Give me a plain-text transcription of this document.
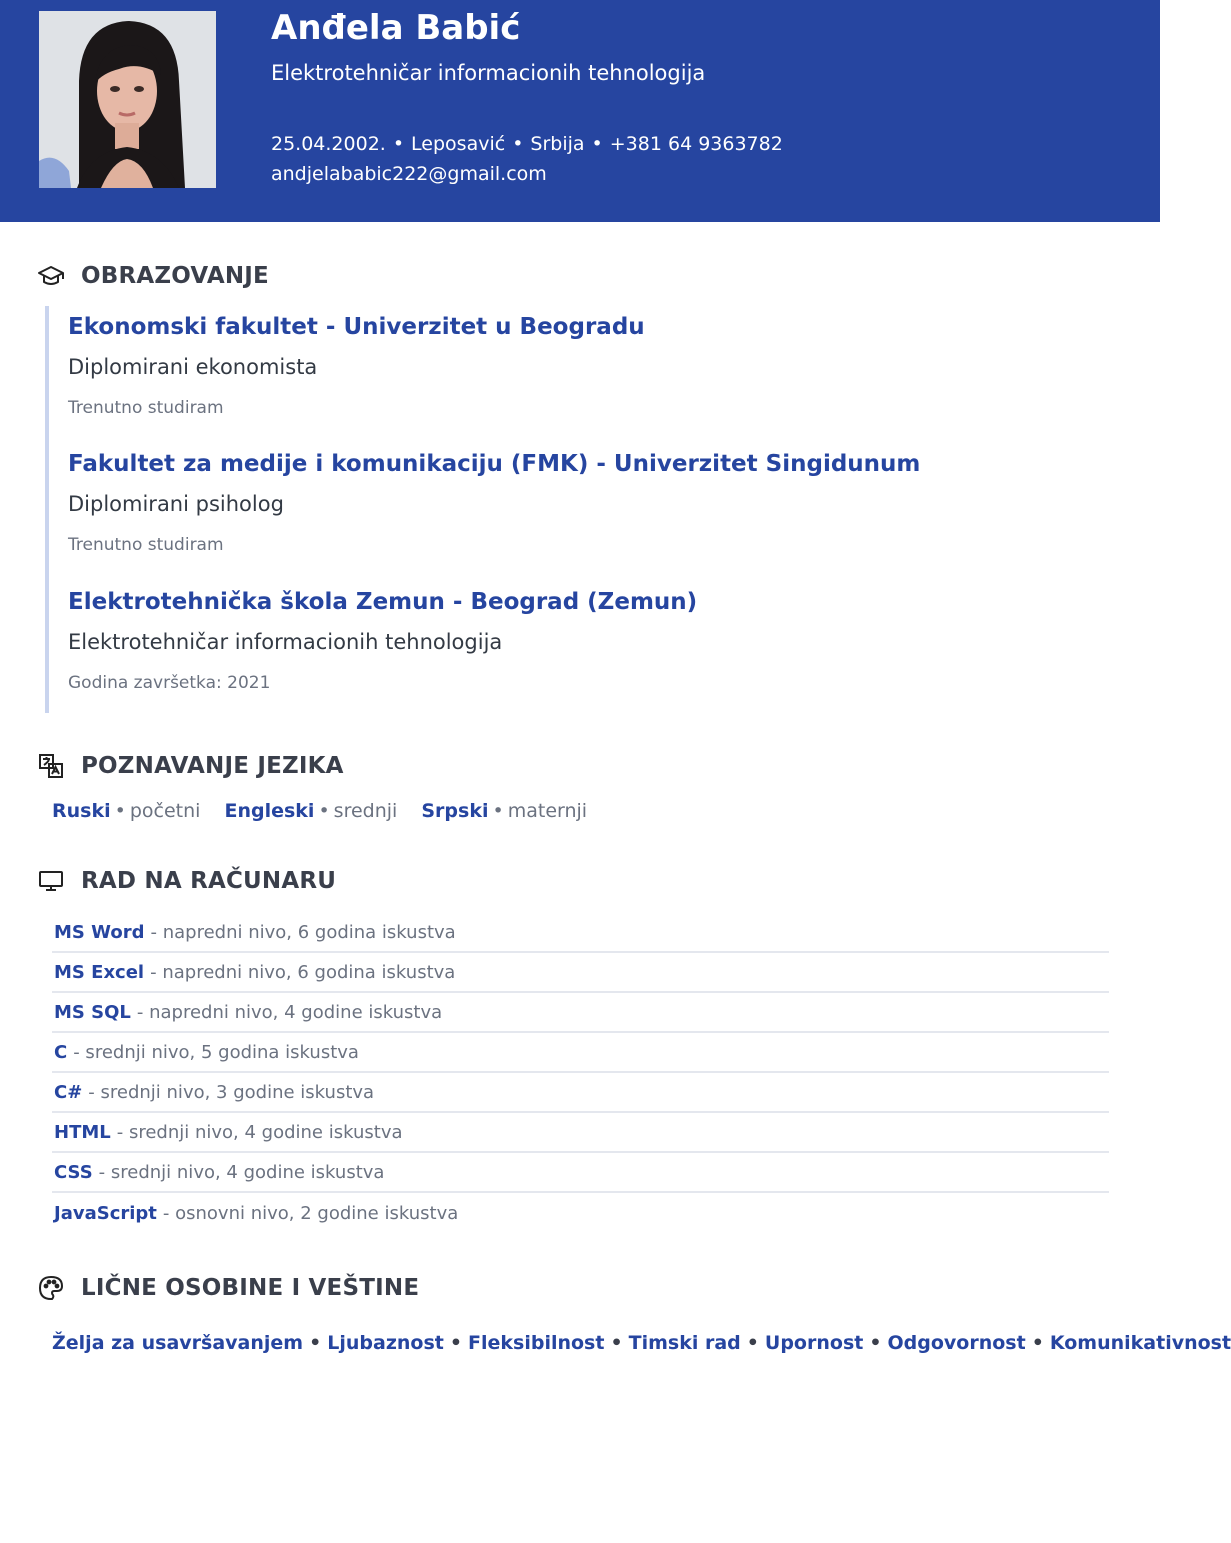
Anđela Babić
Elektrotehničar informacionih tehnologija
25.04.2002. • Leposavić • Srbija • +381 64 9363782
andjelababic222@gmail.com
OBRAZOVANJE
Ekonomski fakultet - Univerzitet u Beogradu
Diplomirani ekonomista
Trenutno studiram
Fakultet za medije i komunikaciju (FMK) - Univerzitet Singidunum
Diplomirani psiholog
Trenutno studiram
Elektrotehnička škola Zemun - Beograd (Zemun)
Elektrotehničar informacionih tehnologija
Godina završetka: 2021
POZNAVANJE JEZIKA
Ruski • početni Engleski • srednji Srpski • maternji
RAD NA RAČUNARU
MS Word - napredni nivo, 6 godina iskustva
MS Excel - napredni nivo, 6 godina iskustva
MS SQL - napredni nivo, 4 godine iskustva
C - srednji nivo, 5 godina iskustva
C# - srednji nivo, 3 godine iskustva
HTML - srednji nivo, 4 godine iskustva
CSS - srednji nivo, 4 godine iskustva
JavaScript - osnovni nivo, 2 godine iskustva
LIČNE OSOBINE I VEŠTINE
Želja za usavršavanjem • Ljubaznost • Fleksibilnost • Timski rad • Upornost • Odgovornost • Komunikativnost
